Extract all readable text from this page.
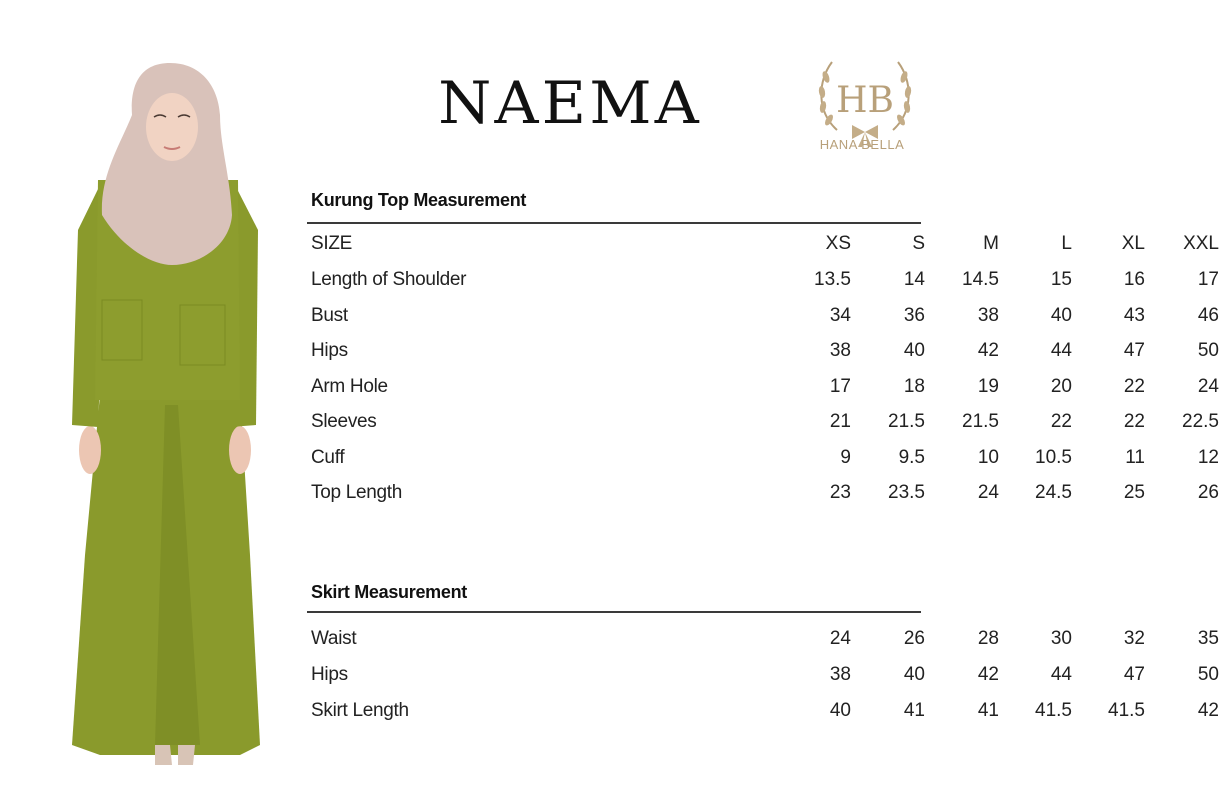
NAEMA	HB
HANA BELLA
Kurung Top Measurement
SIZE	XS	S	M	L	XL	XXL
Length of Shoulder	13.5	14	14.5	15	16	17
Bust	34	36	38	40	43	46
Hips	38	40	42	44	47	50
Arm Hole	17	18	19	20	22	24
Sleeves	21	21.5	21.5	22	22	22.5
Cuff	9	9.5	10	10.5	11	12
Top Length	23	23.5	24	24.5	25	26
Skirt Measurement
Waist	24	26	28	30	32	35
Hips	38	40	42	44	47	50
Skirt Length	40	41	41	41.5	41.5	42
